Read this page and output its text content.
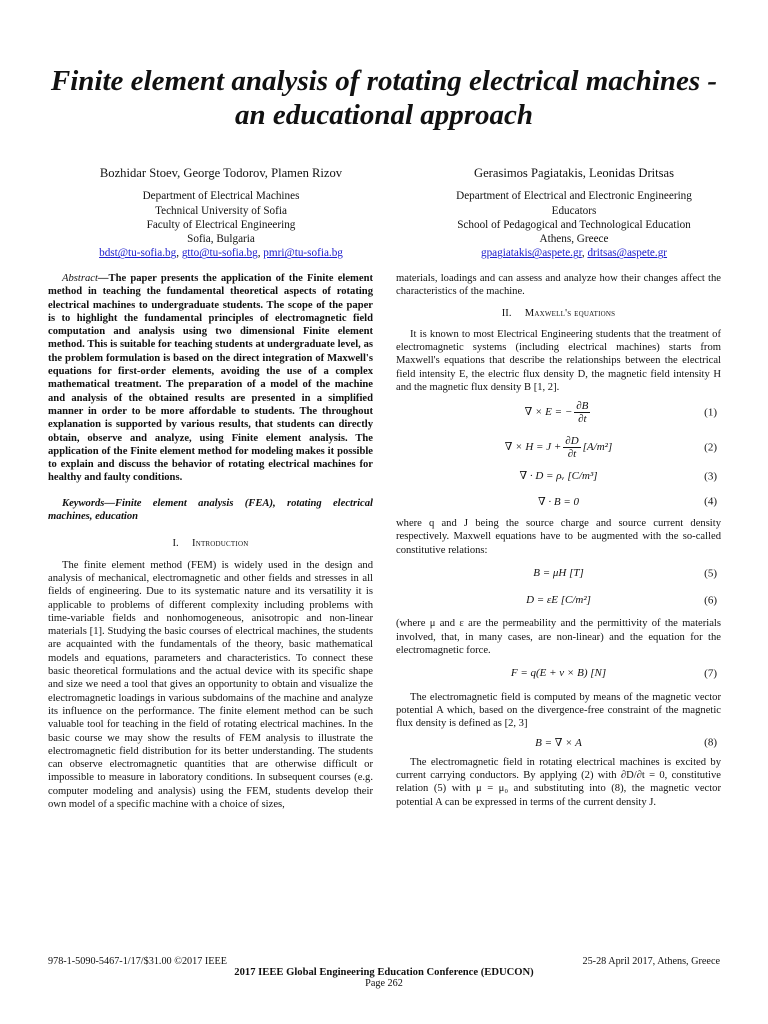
Finite element analysis of rotating electrical machines - an educational approach
Bozhidar Stoev, George Todorov, Plamen Rizov
Department of Electrical Machines
Technical University of Sofia
Faculty of Electrical Engineering
Sofia, Bulgaria
bdst@tu-sofia.bg, gtto@tu-sofia.bg, pmri@tu-sofia.bg
Gerasimos Pagiatakis, Leonidas Dritsas
Department of Electrical and Electronic Engineering
Educators
School of Pedagogical and Technological Education
Athens, Greece
gpagiatakis@aspete.gr, dritsas@aspete.gr

Abstract—The paper presents the application of the Finite element method in teaching the fundamental theoretical aspects of rotating electrical machines to undergraduate students. The scope of the paper is to highlight the fundamental principles of electromagnetic field computation and analysis using two dimensional Finite element method. This is suitable for teaching students at undergraduate level, as the problem formulation is based on the direct integration of Maxwell's equations for first-order elements, avoiding the use of a complex mathematical treatment. The preparation of a model of the machine and analysis of the obtained results are presented in a simplified manner in order to be more affordable to students. The throughout explanation is supported by various results, that students can directly obtain, observe and analyze, using Finite element analysis. The application of the Finite element method for modeling makes it possible to explain and discuss the behavior of rotating electrical machines for healthy and faulty conditions.

Keywords—Finite element analysis (FEA), rotating electrical machines, education

I. Introduction

The finite element method (FEM) is widely used in the design and analysis of mechanical, electromagnetic and other fields and stresses in all fields of engineering. Due to its systematic nature and its versatility it is applicable to problems of different complexity including problems with time-variable fields and nonhomogeneous, anisotropic and non-linear materials [1]. Studying the basic courses of electrical machines, the students are acquainted with the fundamentals of the theory, basic mathematical models and equations, parameters and characteristics. To connect these basic theoretical formulations and the actual device with its specific shape and size we need a tool that gives an opportunity to obtain and visualize the electromagnetic loadings in various subdomains of the machine and analyze its influence on the performance. The finite element method can be such valuable tool for teaching in the field of rotating electrical machines. In the basic course we may show the results of FEM analysis to illustrate the electromagnetic field distribution for its better understanding. The students can observe electromagnetic quantities that are otherwise difficult or impossible to measure in laboratory conditions. In subsequent courses (e.g. computer modeling and analysis) using the FEM, students develop their own model of a specific machine with a choice of sizes,

materials, loadings and can assess and analyze how their changes affect the characteristics of the machine.

II. Maxwell's equations

It is known to most Electrical Engineering students that the treatment of electromagnetic systems (including electrical machines) starts from Maxwell's equations that describe the relationships between the electrical field intensity E, the electric flux density D, the magnetic field intensity H and the magnetic flux density B [1, 2].

∇ × E = − $\frac{\partial B}{\partial t}$	(1)
∇ × $H = J + \frac{\partial D}{\partial t} [A/m^2]$	(2)
∇ · D = ρᵥ [C/m³]	(3)
∇ · B = 0	(4)

where q and J being the source charge and source current density respectively. Maxwell equations have to be augmented with the so-called constitutive relations:

B = μH [T]	(5)
D = εE [C/m²]	(6)

(where μ and ε are the permeability and the permittivity of the materials involved, that, in many cases, are non-linear) and the equation for the electromagnetic force.

F = q(E + v × B) [N]	(7)

The electromagnetic field is computed by means of the magnetic vector potential A which, based on the divergence-free constraint of the magnetic flux density is defined as [2, 3]

B = ∇ × A	(8)

The electromagnetic field in rotating electrical machines is excited by current carrying conductors. By applying (2) with ∂D/∂t = 0, constitutive relation (5) with μ = μ₀ and substituting into (8), the magnetic vector potential A can be expressed in terms of the current density J.

978-1-5090-5467-1/17/$31.00 ©2017 IEEE	25-28 April 2017, Athens, Greece
2017 IEEE Global Engineering Education Conference (EDUCON)
Page 262
